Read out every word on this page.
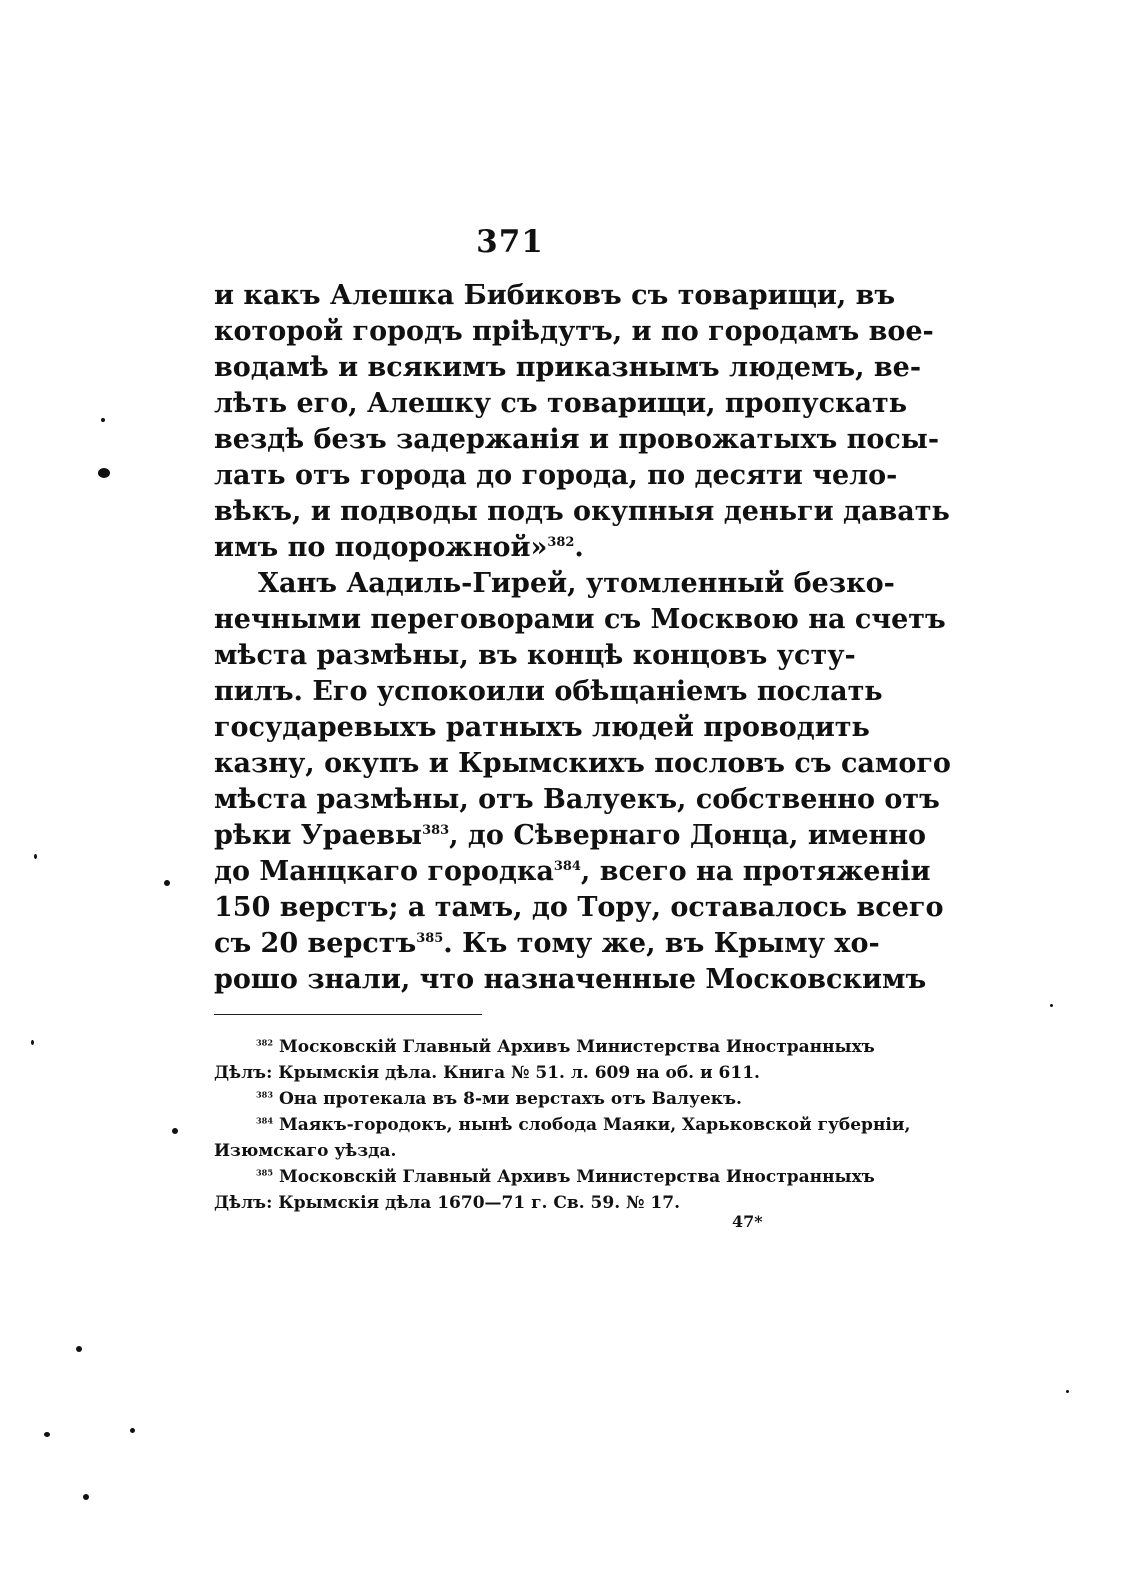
371
и какъ Алешка Бибиковъ съ товарищи, въ
которой городъ прiѣдутъ, и по городамъ вое-
водамѣ и всякимъ приказнымъ людемъ, ве-
лѣть его, Алешку съ товарищи, пропускать
вездѣ безъ задержанiя и провожатыхъ посы-
лать отъ города до города, по десяти чело-
вѣкъ, и подводы подъ окупныя деньги давать
имъ по подорожной»$^{382}$.
Ханъ Аадиль-Гирей, утомленный безко-
нечными переговорами съ Москвою на счетъ
мѣста размѣны, въ концѣ концовъ усту-
пилъ. Его успокоили обѣщанiемъ послать
государевыхъ ратныхъ людей проводить
казну, окупъ и Крымскихъ пословъ съ самого
мѣста размѣны, отъ Валуекъ, собственно отъ
рѣки Ураевы$^{383}$, до Сѣвернаго Донца, именно
до Манцкаго городка$^{384}$, всего на протяженiи
150 верстъ; а тамъ, до Тору, оставалось всего
съ 20 верстъ$^{385}$. Къ тому же, въ Крыму хо-
рошо знали, что назначенные Московскимъ
$^{382}$ Московскiй Главный Архивъ Министерства Иностранныхъ
Дѣлъ: Крымскiя дѣла. Книга № 51. л. 609 на об. и 611.
$^{383}$ Она протекала въ 8-ми верстахъ отъ Валуекъ.
$^{384}$ Маякъ-городокъ, нынѣ слобода Маяки, Харьковской губернiи,
Изюмскаго уѣзда.
$^{385}$ Московскiй Главный Архивъ Министерства Иностранныхъ
Дѣлъ: Крымскiя дѣла 1670—71 г. Св. 59. № 17.
47*
